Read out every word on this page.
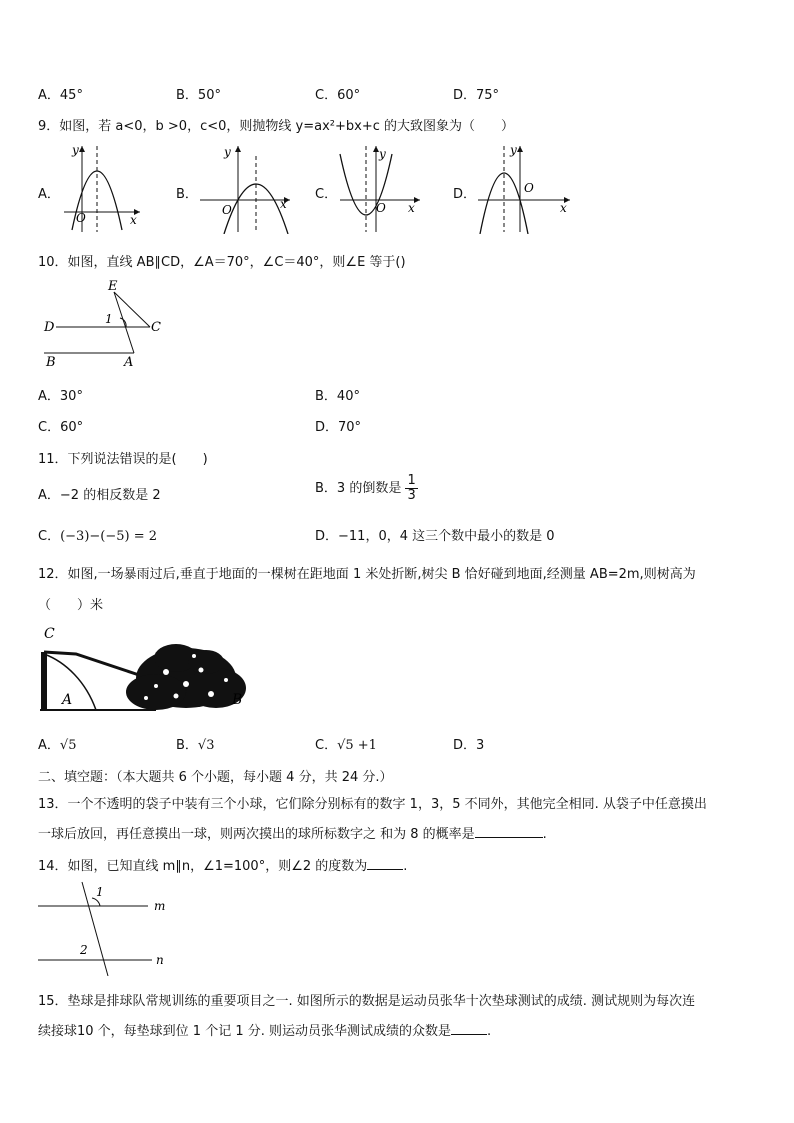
A．45°	B．50°	C．60°	D．75°
9．如图，若 a<0，b >0，c<0，则抛物线 y=ax²+bx+c 的大致图象为（　　）
A．
y
x
O
B．
y
x
O
C．
y
x
O
D．
y
x
O
10．如图，直线 AB∥CD，∠A＝70°，∠C＝40°，则∠E 等于()
E
D	C
B	A
1
A．30°	B．40°
C．60°	D．70°
11．下列说法错误的是(　　)
A．−2 的相反数是 2	B．3 的倒数是 $\frac{1}{3}$
C．(−3)−(−5) = 2	D．−11，0，4 这三个数中最小的数是 0
12．如图,一场暴雨过后,垂直于地面的一棵树在距地面 1 米处折断,树尖 B 恰好碰到地面,经测量 AB=2m,则树高为
（　　）米
C
A	B
A．√5	B．√3	C．√5 +1	D．3
二、填空题：（本大题共 6 个小题，每小题 4 分，共 24 分.）
13．一个不透明的袋子中装有三个小球，它们除分别标有的数字 1，3，5 不同外，其他完全相同. 从袋子中任意摸出
一球后放回，再任意摸出一球，则两次摸出的球所标数字之 和为 8 的概率是	.
14．如图，已知直线 m∥n，∠1=100°，则∠2 的度数为	.
1
2
m
n
15．垫球是排球队常规训练的重要项目之一. 如图所示的数据是运动员张华十次垫球测试的成绩. 测试规则为每次连
续接球10 个，每垫球到位 1 个记 1 分. 则运动员张华测试成绩的众数是	.
